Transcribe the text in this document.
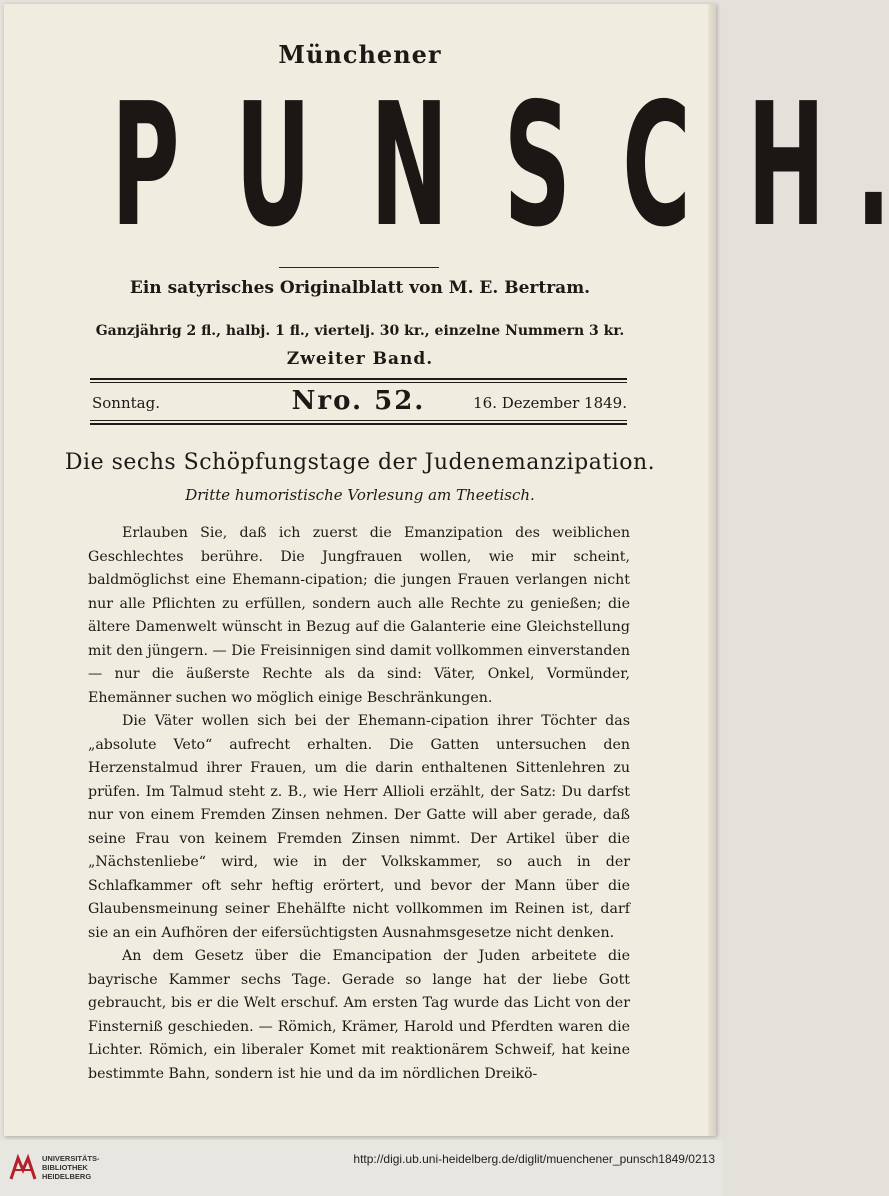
Münchener
P U N S C H .
Ein satyrisches Originalblatt von M. E. Bertram.
Ganzjährig 2 fl., halbj. 1 fl., viertelj. 30 kr., einzelne Nummern 3 kr.
Zweiter Band.
Sonntag.	Nro. 52.	16. Dezember 1849.
Die sechs Schöpfungstage der Judenemanzipation.
Dritte humoristische Vorlesung am Theetisch.

Erlauben Sie, daß ich zuerst die Emanzipation des weiblichen Geschlechtes berühre. Die Jungfrauen wollen, wie mir scheint, baldmöglichst eine Ehemann-cipation; die jungen Frauen verlangen nicht nur alle Pflichten zu erfüllen, sondern auch alle Rechte zu genießen; die ältere Damenwelt wünscht in Bezug auf die Galanterie eine Gleichstellung mit den jüngern. — Die Freisinnigen sind damit vollkommen einverstanden — nur die äußerste Rechte als da sind: Väter, Onkel, Vormünder, Ehemänner suchen wo möglich einige Beschränkungen.

Die Väter wollen sich bei der Ehemann-cipation ihrer Töchter das „absolute Veto“ aufrecht erhalten. Die Gatten untersuchen den Herzenstalmud ihrer Frauen, um die darin enthaltenen Sittenlehren zu prüfen. Im Talmud steht z. B., wie Herr Allioli erzählt, der Satz: Du darfst nur von einem Fremden Zinsen nehmen. Der Gatte will aber gerade, daß seine Frau von keinem Fremden Zinsen nimmt. Der Artikel über die „Nächstenliebe“ wird, wie in der Volkskammer, so auch in der Schlafkammer oft sehr heftig erörtert, und bevor der Mann über die Glaubensmeinung seiner Ehehälfte nicht vollkommen im Reinen ist, darf sie an ein Aufhören der eifersüchtigsten Ausnahmsgesetze nicht denken.

An dem Gesetz über die Emancipation der Juden arbeitete die bayrische Kammer sechs Tage. Gerade so lange hat der liebe Gott gebraucht, bis er die Welt erschuf. Am ersten Tag wurde das Licht von der Finsterniß geschieden. — Römich, Krämer, Harold und Pferdten waren die Lichter. Römich, ein liberaler Komet mit reaktionärem Schweif, hat keine bestimmte Bahn, sondern ist hie und da im nördlichen Dreikö-

UNIVERSITÄTS-
BIBLIOTHEK
HEIDELBERG
http://digi.ub.uni-heidelberg.de/diglit/muenchener_punsch1849/0213
